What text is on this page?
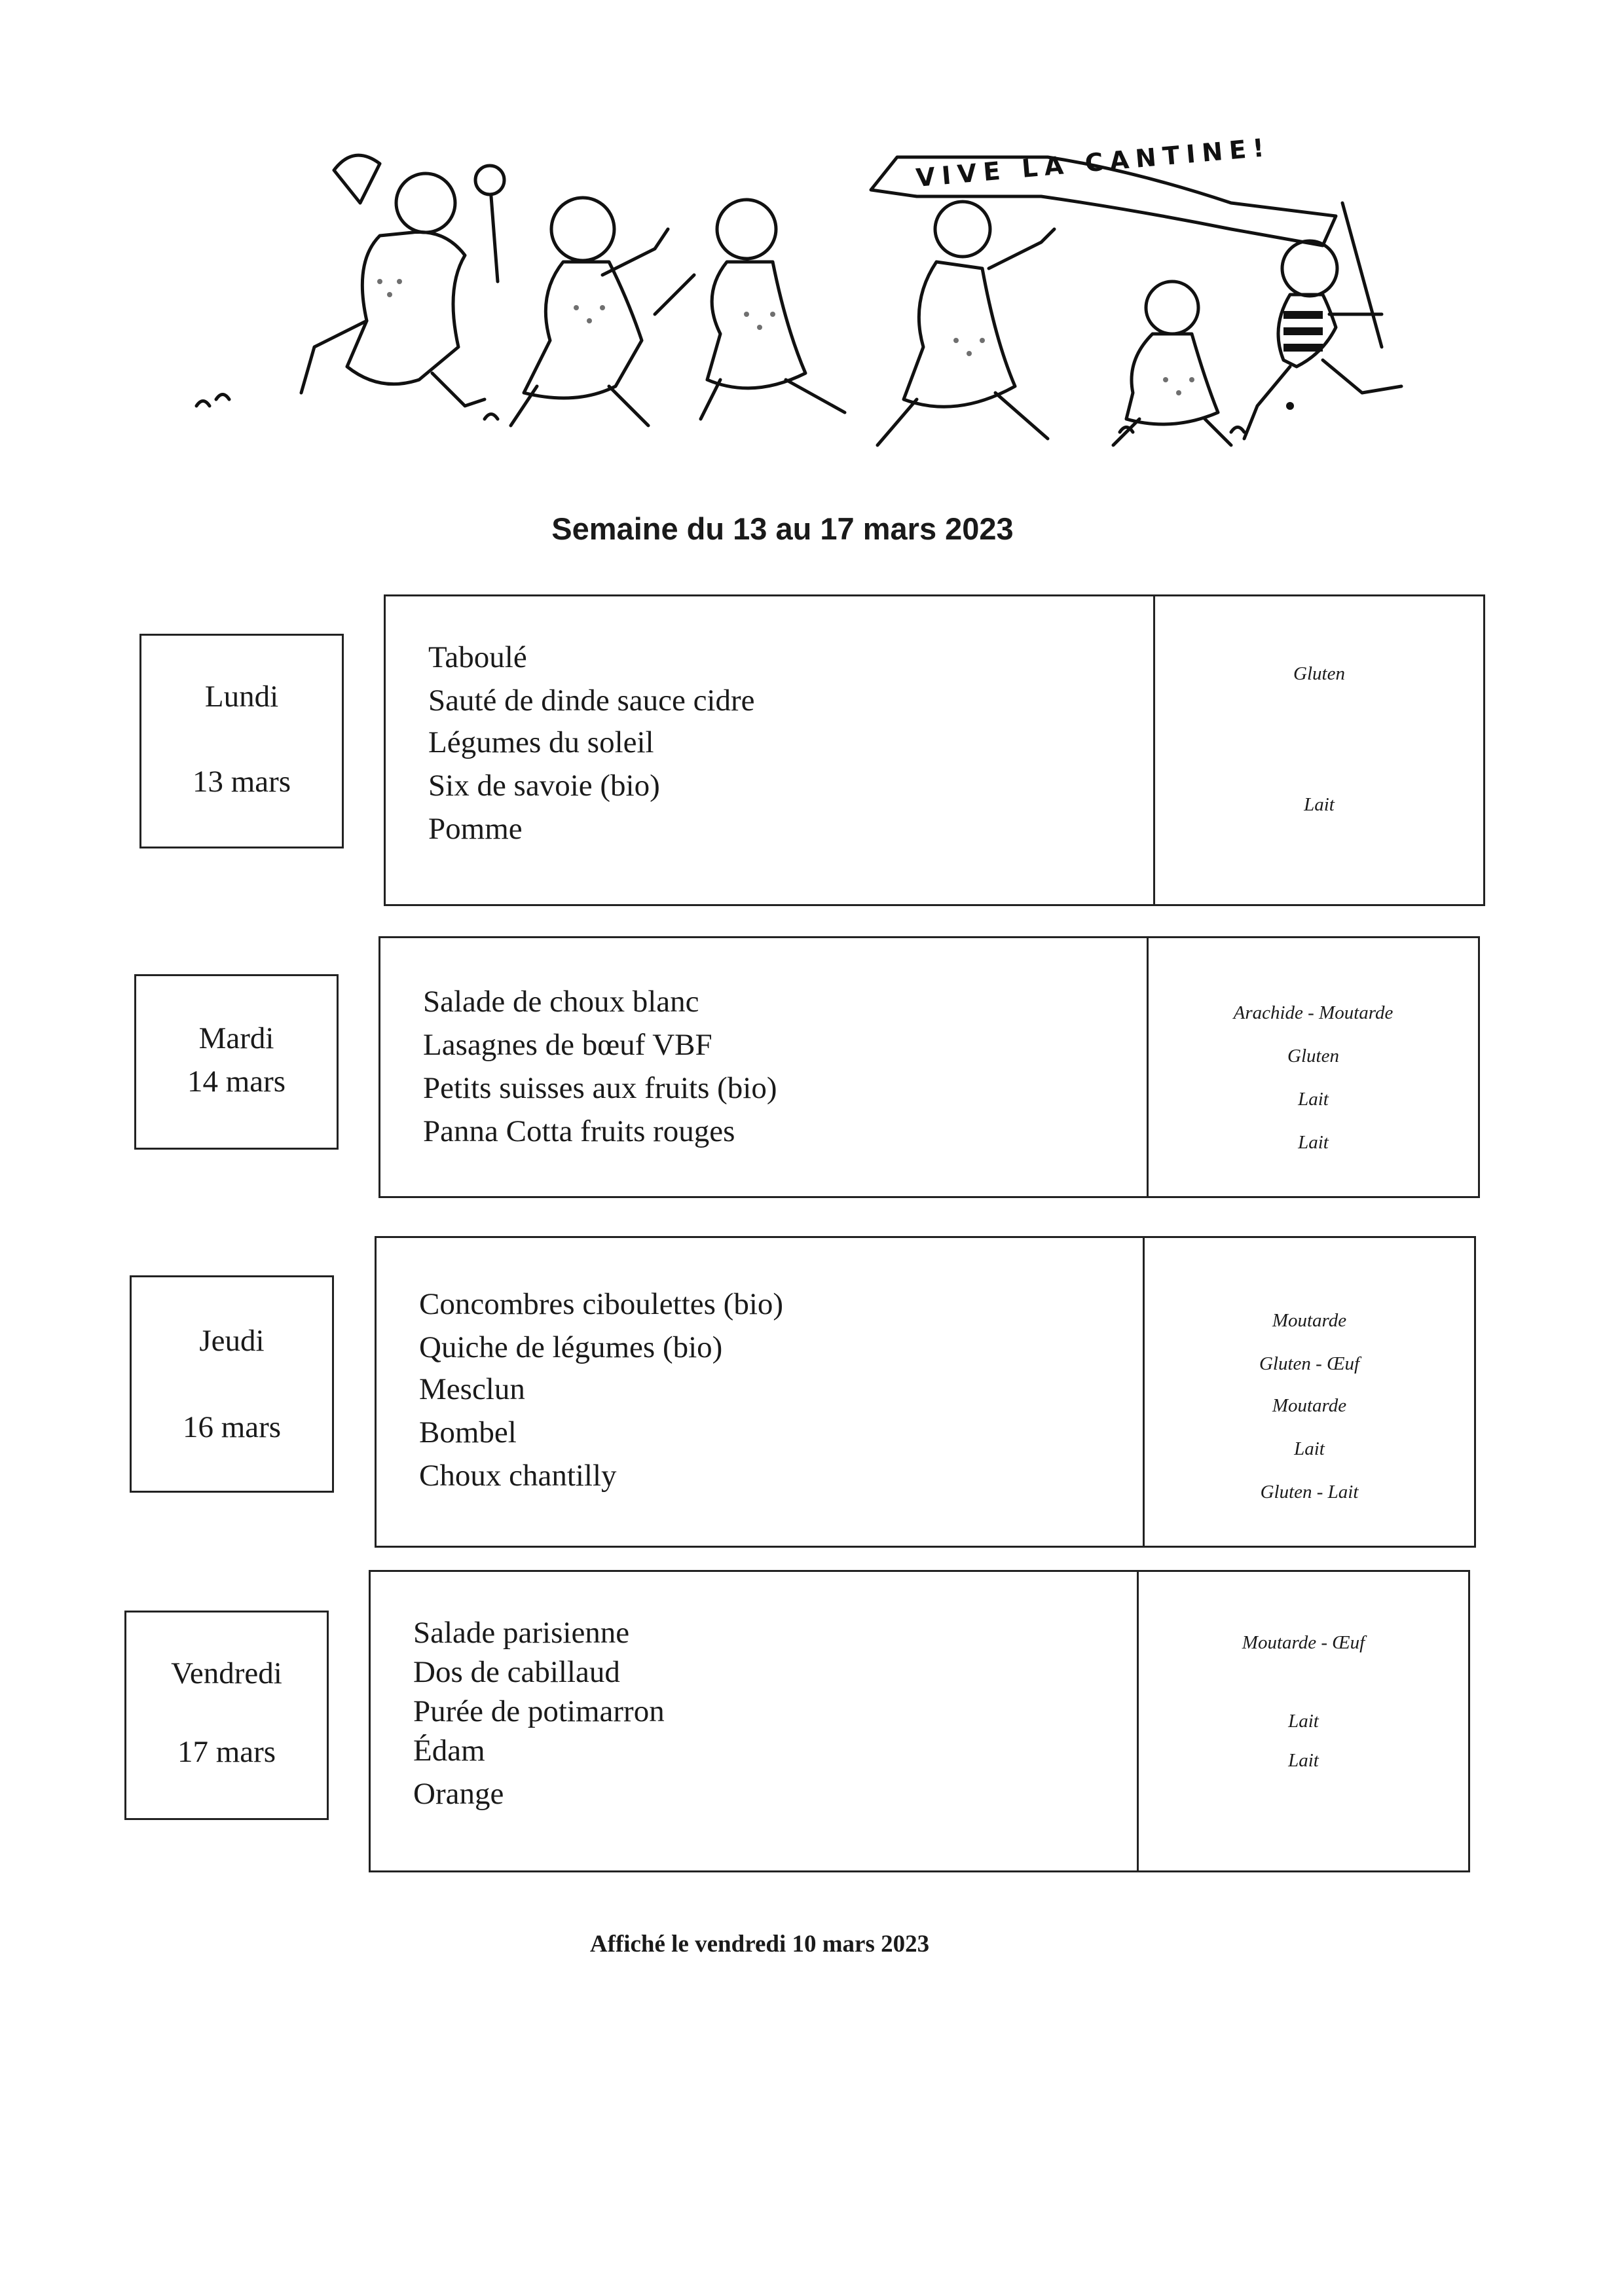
VIVE LA CANTINE!
Semaine du 13 au 17 mars 2023
Lundi
13 mars
Taboulé
Sauté de dinde sauce cidre
Légumes du soleil
Six de savoie (bio)
Pomme
Gluten
Lait
Mardi
14 mars
Salade de choux blanc
Lasagnes de bœuf VBF
Petits suisses aux fruits (bio)
Panna Cotta fruits rouges
Arachide - Moutarde
Gluten
Lait
Lait
Jeudi
16 mars
Concombres ciboulettes (bio)
Quiche de légumes (bio)
Mesclun
Bombel
Choux chantilly
Moutarde
Gluten - Œuf
Moutarde
Lait
Gluten - Lait
Vendredi
17 mars
Salade parisienne
Dos de cabillaud
Purée de potimarron
Édam
Orange
Moutarde - Œuf
Lait
Lait
Affiché le vendredi 10 mars 2023
